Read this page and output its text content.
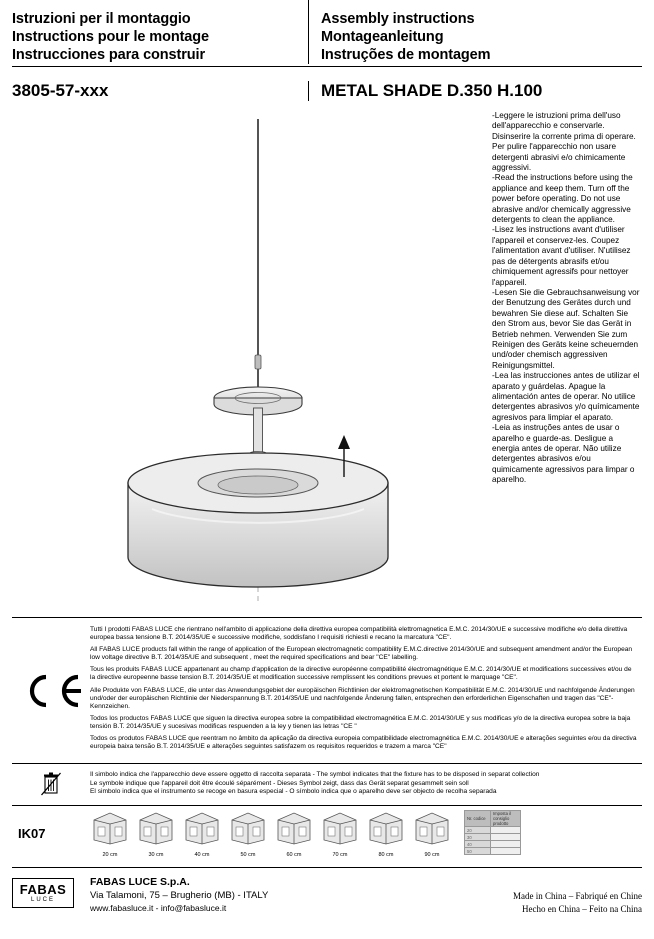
Istruzioni per il montaggio
Instructions pour le montage
Instrucciones para construir
Assembly instructions
Montageanleitung
Instruções de montagem
3805-57-xxx	METAL SHADE D.350 H.100

-Leggere le istruzioni prima dell'uso dell'apparecchio e conservarle. Disinserire la corrente prima di operare. Per pulire l'apparecchio non usare detergenti abrasivi e/o chimicamente aggressivi.

-Read the instructions before using the appliance and keep them. Turn off the power before operating. Do not use abrasive and/or chemically aggressive detergents to clean the appliance.

-Lisez les instructions avant d'utiliser l'appareil et conservez-les. Coupez l'alimentation avant d'utiliser. N'utilisez pas de détergents abrasifs et/ou chimiquement agressifs pour nettoyer l'appareil.

-Lesen Sie die Gebrauchsanweisung vor der Benutzung des Gerätes durch und bewahren Sie diese auf. Schalten Sie den Strom aus, bevor Sie das Gerät in Betrieb nehmen. Verwenden Sie zum Reinigen des Geräts keine scheuernden und/oder chemisch aggressiven Reinigungsmittel.

-Lea las instrucciones antes de utilizar el aparato y guárdelas. Apague la alimentación antes de operar. No utilice detergentes abrasivos y/o químicamente agresivos para limpiar el aparato.

-Leia as instruções antes de usar o aparelho e guarde-as. Desligue a energia antes de operar. Não utilize detergentes abrasivos e/ou quimicamente agressivos para limpar o aparelho.

Tutti I prodotti FABAS LUCE che rientrano nell'ambito di applicazione della direttiva europea compatibilità elettromagnetica E.M.C. 2014/30/UE e successive modifiche e/o della direttiva europea bassa tensione B.T. 2014/35/UE e successive modifiche, soddisfano I requisiti richiesti e recano la marcatura "CE".

All FABAS LUCE products fall within the range of application of the European electromagnetic compatibility E.M.C.directive 2014/30/UE and subsequent amendment and/or the European low voltage directive B.T. 2014/35/UE and subsequent , meet the required specifications and bear "CE" labelling.

Tous les produits FABAS LUCE appartenant au champ d'application de la directive européenne compatibilité électromagnétique E.M.C. 2014/30/UE et modifications successives et/ou de la directive europeenne basse tension B.T. 2014/35/UE et modification successive remplissent les conditions prevues et portent le marquage "CE".

Alle Produkte von FABAS LUCE, die unter das Anwendungsgebiet der europäischen Richtlinien der elektromagnetischen Kompatibilität E.M.C. 2014/30/UE und nachfolgende Änderungen und/oder der europäischen Richtlinie der Niederspannung B.T. 2014/35/UE und nachfolgende Änderung fallen, entsprechen den erforderlichen Eigenschaften und tragen das "CE"-Kennzeichen.

Todos los productos FABAS LUCE que siguen la directiva europea sobre la compatibilidad electromagnética E.M.C. 2014/30/UE y sus modificas y/o de la directiva europea sobre la baja tensión B.T. 2014/35/UE y sucesivas modificas respuenden a la ley y tienen las letras "CE "

Todos os produtos FABAS LUCE que reentram no âmbito da aplicação da directiva europeia compatibilidade electromagnética E.M.C. 2014/30/UE e alterações seguintes e/ou da directiva europeia baixa tensão B.T. 2014/35/UE e alterações seguintes satisfazem os requisitos requeridos e trazem a marca "CE"

Il simbolo indica che l'apparecchio deve essere oggetto di raccolta separata - The symbol indicates that the fixture has to be disposed in separat collection
Le symbole indique que l'appareil doit être écoulé séparément - Dieses Symbol zeigt, dass das Gerät separat gesammelt sein soll
El simbolo indica que el instrumento se recoge en basura especial - O símbolo indica que o aparelho deve ser objecto de recolha separada
IK07
20 cm	30 cm	40 cm	50 cm	60 cm	70 cm	80 cm	90 cm
Nr. codice	Imposta il consiglio prodotto
20	
30	
40	
50	
FABAS
LUCE
FABAS LUCE S.p.A.
Via Talamoni, 75 – Brugherio (MB) - ITALY
www.fabasluce.it - info@fabasluce.it
Made in China – Fabriqué en Chine
Hecho en China – Feito na China
